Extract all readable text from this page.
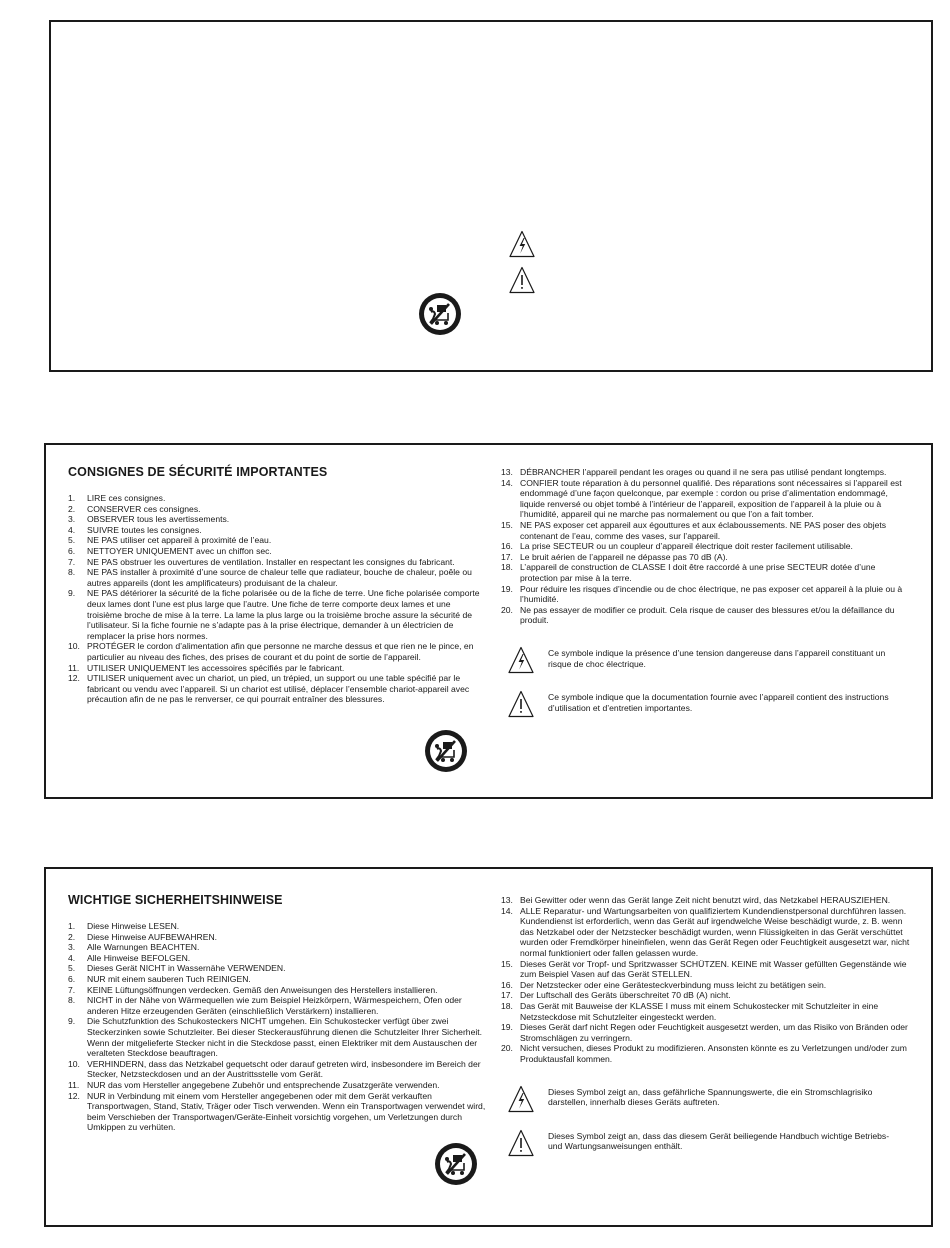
CONSIGNES DE SÉCURITÉ IMPORTANTES
1.	LIRE ces consignes.
2.	CONSERVER ces consignes.
3.	OBSERVER tous les avertissements.
4.	SUIVRE toutes les consignes.
5.	NE PAS utiliser cet appareil à proximité de l’eau.
6.	NETTOYER UNIQUEMENT avec un chiffon sec.
7.	NE PAS obstruer les ouvertures de ventilation. Installer en respectant les consignes du fabricant.
8.	NE PAS installer à proximité d’une source de chaleur telle que radiateur, bouche de chaleur, poêle ou autres appareils (dont les amplificateurs) produisant de la chaleur.
9.	NE PAS détériorer la sécurité de la fiche polarisée ou de la fiche de terre. Une fiche polarisée comporte deux lames dont l’une est plus large que l’autre. Une fiche de terre comporte deux lames et une troisième broche de mise à la terre. La lame la plus large ou la troisième broche assure la sécurité de l’utilisateur. Si la fiche fournie ne s’adapte pas à la prise électrique, demander à un électricien de remplacer la prise hors normes.
10. PROTÉGER le cordon d’alimentation afin que personne ne marche dessus et que rien ne le pince, en particulier au niveau des fiches, des prises de courant et du point de sortie de l’appareil.
11. UTILISER UNIQUEMENT les accessoires spécifiés par le fabricant.
12. UTILISER uniquement avec un chariot, un pied, un trépied, un support ou une table spécifié par le fabricant ou vendu avec l’appareil. Si un chariot est utilisé, déplacer l’ensemble chariot-appareil avec précaution afin de ne pas le renverser, ce qui pourrait entraîner des blessures.
13. DÉBRANCHER l’appareil pendant les orages ou quand il ne sera pas utilisé pendant longtemps.
14. CONFIER toute réparation à du personnel qualifié. Des réparations sont nécessaires si l’appareil est endommagé d’une façon quelconque, par exemple : cordon ou prise d’alimentation endommagé, liquide renversé ou objet tombé à l’intérieur de l’appareil, exposition de l’appareil à la pluie ou à l’humidité, appareil qui ne marche pas normalement ou que l’on a fait tomber.
15. NE PAS exposer cet appareil aux égouttures et aux éclaboussements. NE PAS poser des objets contenant de l’eau, comme des vases, sur l’appareil.
16. La prise SECTEUR ou un coupleur d’appareil électrique doit rester facilement utilisable.
17. Le bruit aérien de l’appareil ne dépasse pas 70 dB (A).
18. L’appareil de construction de CLASSE I doit être raccordé à une prise SECTEUR dotée d’une protection par mise à la terre.
19. Pour réduire les risques d’incendie ou de choc électrique, ne pas exposer cet appareil à la pluie ou à l’humidité.
20. Ne pas essayer de modifier ce produit. Cela risque de causer des blessures et/ou la défaillance du produit.
Ce symbole indique la présence d’une tension dangereuse dans l’appareil constituant un risque de choc électrique.
Ce symbole indique que la documentation fournie avec l’appareil contient des instructions d’utilisation et d’entretien importantes.
WICHTIGE SICHERHEITSHINWEISE
1.	Diese Hinweise LESEN.
2.	Diese Hinweise AUFBEWAHREN.
3.	Alle Warnungen BEACHTEN.
4.	Alle Hinweise BEFOLGEN.
5.	Dieses Gerät NICHT in Wassernähe VERWENDEN.
6.	NUR mit einem sauberen Tuch REINIGEN.
7.	KEINE Lüftungsöffnungen verdecken. Gemäß den Anweisungen des Herstellers installieren.
8.	NICHT in der Nähe von Wärmequellen wie zum Beispiel Heizkörpern, Wärmespeichern, Öfen oder anderen Hitze erzeugenden Geräten (einschließlich Verstärkern) installieren.
9.	Die Schutzfunktion des Schukosteckers NICHT umgehen. Ein Schukostecker verfügt über zwei Steckerzinken sowie Schutzleiter. Bei dieser Steckerausführung dienen die Schutzleiter Ihrer Sicherheit. Wenn der mitgelieferte Stecker nicht in die Steckdose passt, einen Elektriker mit dem Austauschen der veralteten Steckdose beauftragen.
10. VERHINDERN, dass das Netzkabel gequetscht oder darauf getreten wird, insbesondere im Bereich der Stecker, Netzsteckdosen und an der Austrittsstelle vom Gerät.
11. NUR das vom Hersteller angegebene Zubehör und entsprechende Zusatzgeräte verwenden.
12. NUR in Verbindung mit einem vom Hersteller angegebenen oder mit dem Gerät verkauften Transportwagen, Stand, Stativ, Träger oder Tisch verwenden. Wenn ein Transportwagen verwendet wird, beim Verschieben der Transportwagen/Geräte-Einheit vorsichtig vorgehen, um Verletzungen durch Umkippen zu verhüten.
13. Bei Gewitter oder wenn das Gerät lange Zeit nicht benutzt wird, das Netzkabel HERAUSZIEHEN.
14. ALLE Reparatur- und Wartungsarbeiten von qualifiziertem Kundendienstpersonal durchführen lassen. Kundendienst ist erforderlich, wenn das Gerät auf irgendwelche Weise beschädigt wurde, z. B. wenn das Netzkabel oder der Netzstecker beschädigt wurden, wenn Flüssigkeiten in das Gerät verschüttet wurden oder Fremdkörper hineinfielen, wenn das Gerät Regen oder Feuchtigkeit ausgesetzt war, nicht normal funktioniert oder fallen gelassen wurde.
15. Dieses Gerät vor Tropf- und Spritzwasser SCHÜTZEN. KEINE mit Wasser gefüllten Gegenstände wie zum Beispiel Vasen auf das Gerät STELLEN.
16. Der Netzstecker oder eine Gerätesteckverbindung muss leicht zu betätigen sein.
17. Der Luftschall des Geräts überschreitet 70 dB (A) nicht.
18. Das Gerät mit Bauweise der KLASSE I muss mit einem Schukostecker mit Schutzleiter in eine Netzsteckdose mit Schutzleiter eingesteckt werden.
19. Dieses Gerät darf nicht Regen oder Feuchtigkeit ausgesetzt werden, um das Risiko von Bränden oder Stromschlägen zu verringern.
20. Nicht versuchen, dieses Produkt zu modifizieren. Ansonsten könnte es zu Verletzungen und/oder zum Produktausfall kommen.
Dieses Symbol zeigt an, dass gefährliche Spannungswerte, die ein Stromschlagrisiko darstellen, innerhalb dieses Geräts auftreten.
Dieses Symbol zeigt an, dass das diesem Gerät beiliegende Handbuch wichtige Betriebs- und Wartungsanweisungen enthält.
